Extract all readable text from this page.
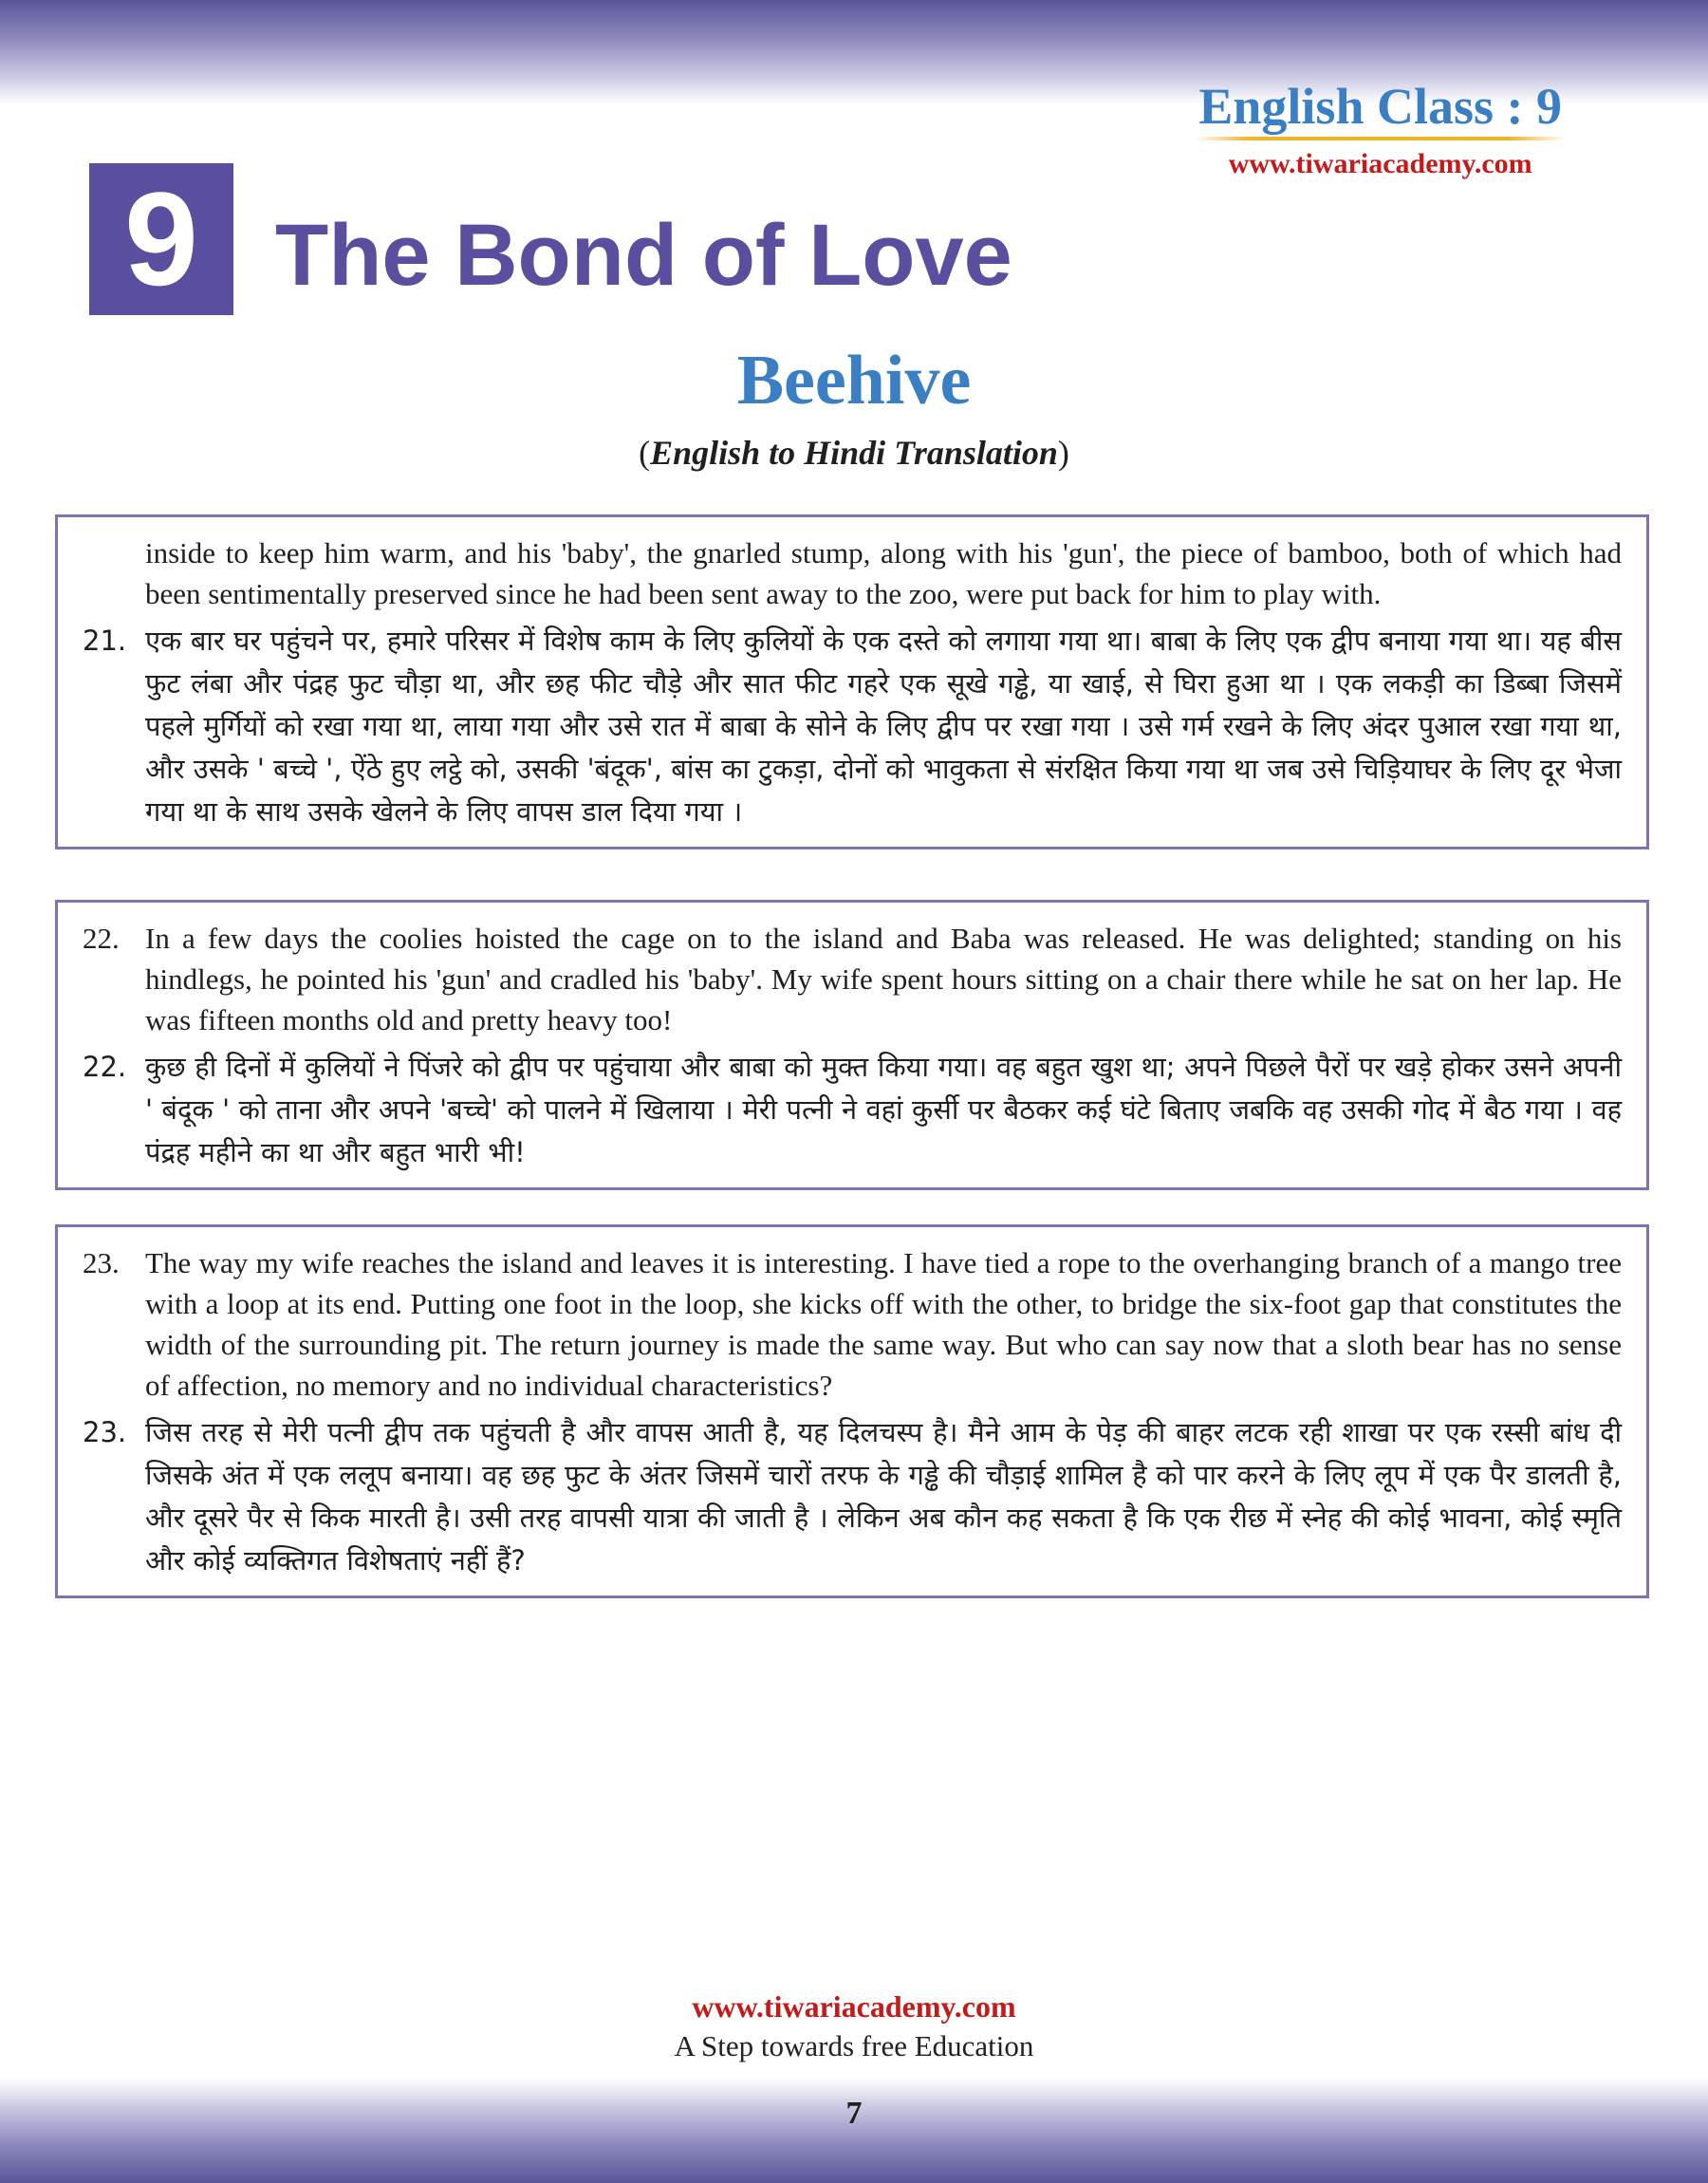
English Class : 9
www.tiwariacademy.com
9 The Bond of Love
Beehive
(English to Hindi Translation)
inside to keep him warm, and his 'baby', the gnarled stump, along with his 'gun', the piece of bamboo, both of which had been sentimentally preserved since he had been sent away to the zoo, were put back for him to play with.
21. एक बार घर पहुंचने पर, हमारे परिसर में विशेष काम के लिए कुलियों के एक दस्ते को लगाया गया था। बाबा के लिए एक द्वीप बनाया गया था। यह बीस फुट लंबा और पंद्रह फुट चौड़ा था, और छह फीट चौड़े और सात फीट गहरे एक सूखे गड्ढे, या खाई, से घिरा हुआ था । एक लकड़ी का डिब्बा जिसमें पहले मुर्गियों को रखा गया था, लाया गया और उसे रात में बाबा के सोने के लिए द्वीप पर रखा गया । उसे गर्म रखने के लिए अंदर पुआल रखा गया था, और उसके ' बच्चे ', ऐंठे हुए लट्ठे को, उसकी 'बंदूक', बांस का टुकड़ा, दोनों को भावुकता से संरक्षित किया गया था जब उसे चिड़ियाघर के लिए दूर भेजा गया था के साथ उसके खेलने के लिए वापस डाल दिया गया ।
22. In a few days the coolies hoisted the cage on to the island and Baba was released. He was delighted; standing on his hindlegs, he pointed his 'gun' and cradled his 'baby'. My wife spent hours sitting on a chair there while he sat on her lap. He was fifteen months old and pretty heavy too!
22. कुछ ही दिनों में कुलियों ने पिंजरे को द्वीप पर पहुंचाया और बाबा को मुक्त किया गया। वह बहुत खुश था; अपने पिछले पैरों पर खड़े होकर उसने अपनी ' बंदूक ' को ताना और अपने 'बच्चे' को पालने में खिलाया । मेरी पत्नी ने वहां कुर्सी पर बैठकर कई घंटे बिताए जबकि वह उसकी गोद में बैठ गया । वह पंद्रह महीने का था और बहुत भारी भी!
23. The way my wife reaches the island and leaves it is interesting. I have tied a rope to the overhanging branch of a mango tree with a loop at its end. Putting one foot in the loop, she kicks off with the other, to bridge the six-foot gap that constitutes the width of the surrounding pit. The return journey is made the same way. But who can say now that a sloth bear has no sense of affection, no memory and no individual characteristics?
23. जिस तरह से मेरी पत्नी द्वीप तक पहुंचती है और वापस आती है, यह दिलचस्प है। मैने आम के पेड़ की बाहर लटक रही शाखा पर एक रस्सी बांध दी जिसके अंत में एक ललूप बनाया। वह छह फुट के अंतर जिसमें चारों तरफ के गड्ढे की चौड़ाई शामिल है को पार करने के लिए लूप में एक पैर डालती है, और दूसरे पैर से किक मारती है। उसी तरह वापसी यात्रा की जाती है । लेकिन अब कौन कह सकता है कि एक रीछ में स्नेह की कोई भावना, कोई स्मृति और कोई व्यक्तिगत विशेषताएं नहीं हैं?
www.tiwariacademy.com
A Step towards free Education
7
